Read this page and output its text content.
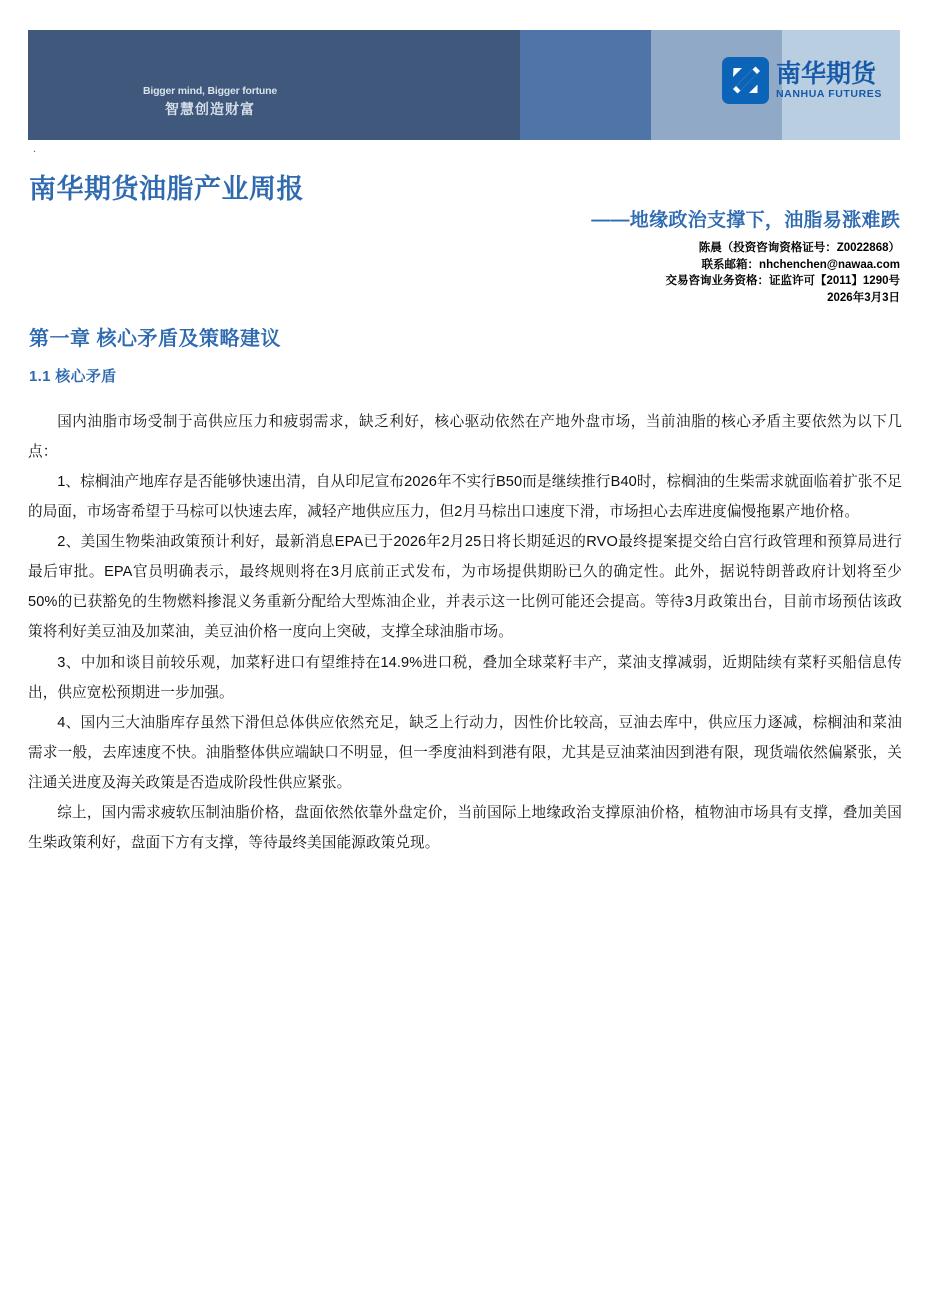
Bigger mind, Bigger fortune
智慧创造财富
南华期货
NANHUA FUTURES
.
南华期货油脂产业周报
——地缘政治支撑下，油脂易涨难跌
陈晨（投资咨询资格证号：Z0022868）
联系邮箱：nhchenchen@nawaa.com
交易咨询业务资格：证监许可【2011】1290号
2026年3月3日
第一章 核心矛盾及策略建议
1.1 核心矛盾

国内油脂市场受制于高供应压力和疲弱需求，缺乏利好，核心驱动依然在产地外盘市场，当前油脂的核心矛盾主要依然为以下几点：

1、棕榈油产地库存是否能够快速出清，自从印尼宣布2026年不实行B50而是继续推行B40时，棕榈油的生柴需求就面临着扩张不足的局面，市场寄希望于马棕可以快速去库，减轻产地供应压力，但2月马棕出口速度下滑，市场担心去库进度偏慢拖累产地价格。

2、美国生物柴油政策预计利好，最新消息EPA已于2026年2月25日将长期延迟的RVO最终提案提交给白宫行政管理和预算局进行最后审批。EPA官员明确表示，最终规则将在3月底前正式发布，为市场提供期盼已久的确定性。此外，据说特朗普政府计划将至少50%的已获豁免的生物燃料掺混义务重新分配给大型炼油企业，并表示这一比例可能还会提高。等待3月政策出台，目前市场预估该政策将利好美豆油及加菜油，美豆油价格一度向上突破，支撑全球油脂市场。

3、中加和谈目前较乐观，加菜籽进口有望维持在14.9%进口税，叠加全球菜籽丰产，菜油支撑减弱，近期陆续有菜籽买船信息传出，供应宽松预期进一步加强。

4、国内三大油脂库存虽然下滑但总体供应依然充足，缺乏上行动力，因性价比较高，豆油去库中，供应压力逐减，棕榈油和菜油需求一般，去库速度不快。油脂整体供应端缺口不明显，但一季度油料到港有限，尤其是豆油菜油因到港有限，现货端依然偏紧张，关注通关进度及海关政策是否造成阶段性供应紧张。

综上，国内需求疲软压制油脂价格，盘面依然依靠外盘定价，当前国际上地缘政治支撑原油价格，植物油市场具有支撑，叠加美国生柴政策利好，盘面下方有支撑，等待最终美国能源政策兑现。
